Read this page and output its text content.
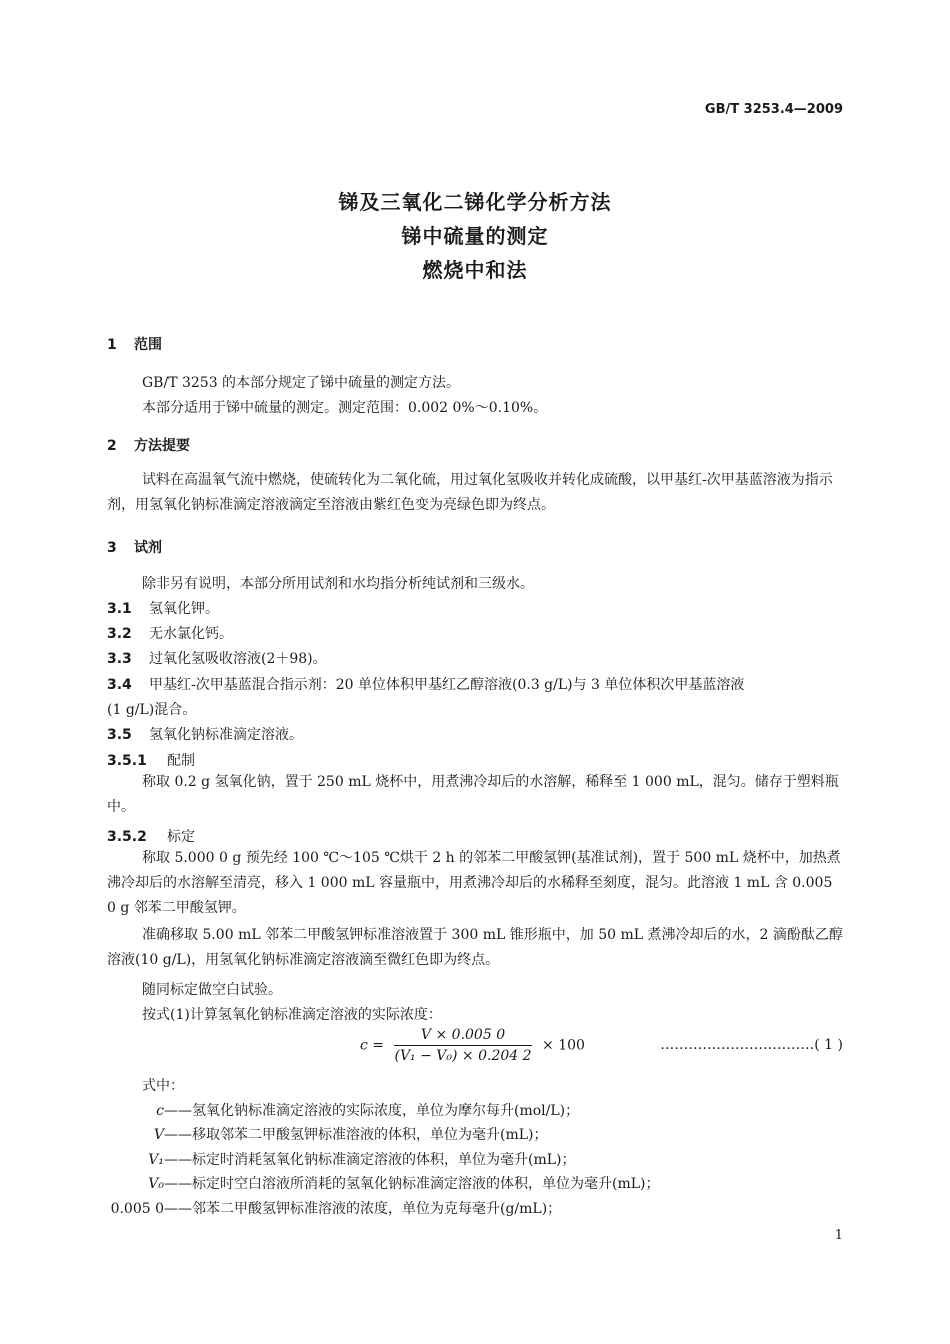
GB/T 3253.4—2009
锑及三氧化二锑化学分析方法
锑中硫量的测定
燃烧中和法
1 范围
GB/T 3253 的本部分规定了锑中硫量的测定方法。
本部分适用于锑中硫量的测定。测定范围：0.002 0%～0.10%。
2 方法提要
试料在高温氧气流中燃烧，使硫转化为二氧化硫，用过氧化氢吸收并转化成硫酸，以甲基红-次甲基蓝溶液为指示剂，用氢氧化钠标准滴定溶液滴定至溶液由紫红色变为亮绿色即为终点。
3 试剂
除非另有说明，本部分所用试剂和水均指分析纯试剂和三级水。
3.1 氢氧化钾。
3.2 无水氯化钙。
3.3 过氧化氢吸收溶液(2＋98)。
3.4 甲基红-次甲基蓝混合指示剂：20 单位体积甲基红乙醇溶液(0.3 g/L)与 3 单位体积次甲基蓝溶液
(1 g/L)混合。
3.5 氢氧化钠标准滴定溶液。
3.5.1 配制
称取 0.2 g 氢氧化钠，置于 250 mL 烧杯中，用煮沸冷却后的水溶解，稀释至 1 000 mL，混匀。储存于塑料瓶中。
3.5.2 标定
称取 5.000 0 g 预先经 100 ℃～105 ℃烘干 2 h 的邻苯二甲酸氢钾(基准试剂)，置于 500 mL 烧杯中，加热煮沸冷却后的水溶解至清亮，移入 1 000 mL 容量瓶中，用煮沸冷却后的水稀释至刻度，混匀。此溶液 1 mL 含 0.005 0 g 邻苯二甲酸氢钾。
准确移取 5.00 mL 邻苯二甲酸氢钾标准溶液置于 300 mL 锥形瓶中，加 50 mL 煮沸冷却后的水，2 滴酚酞乙醇溶液(10 g/L)，用氢氧化钠标准滴定溶液滴至微红色即为终点。
随同标定做空白试验。
按式(1)计算氢氧化钠标准滴定溶液的实际浓度：
$c = \frac{V \times 0.005 0}{\text{(V₁ − V₀) × 0.204 2}} \times 100$	……………………………( 1 )
式中：
c——氢氧化钠标准滴定溶液的实际浓度，单位为摩尔每升(mol/L)；
V——移取邻苯二甲酸氢钾标准溶液的体积，单位为毫升(mL)；
V₁——标定时消耗氢氧化钠标准滴定溶液的体积，单位为毫升(mL)；
V₀——标定时空白溶液所消耗的氢氧化钠标准滴定溶液的体积，单位为毫升(mL)；
0.005 0——邻苯二甲酸氢钾标准溶液的浓度，单位为克每毫升(g/mL)；
1
